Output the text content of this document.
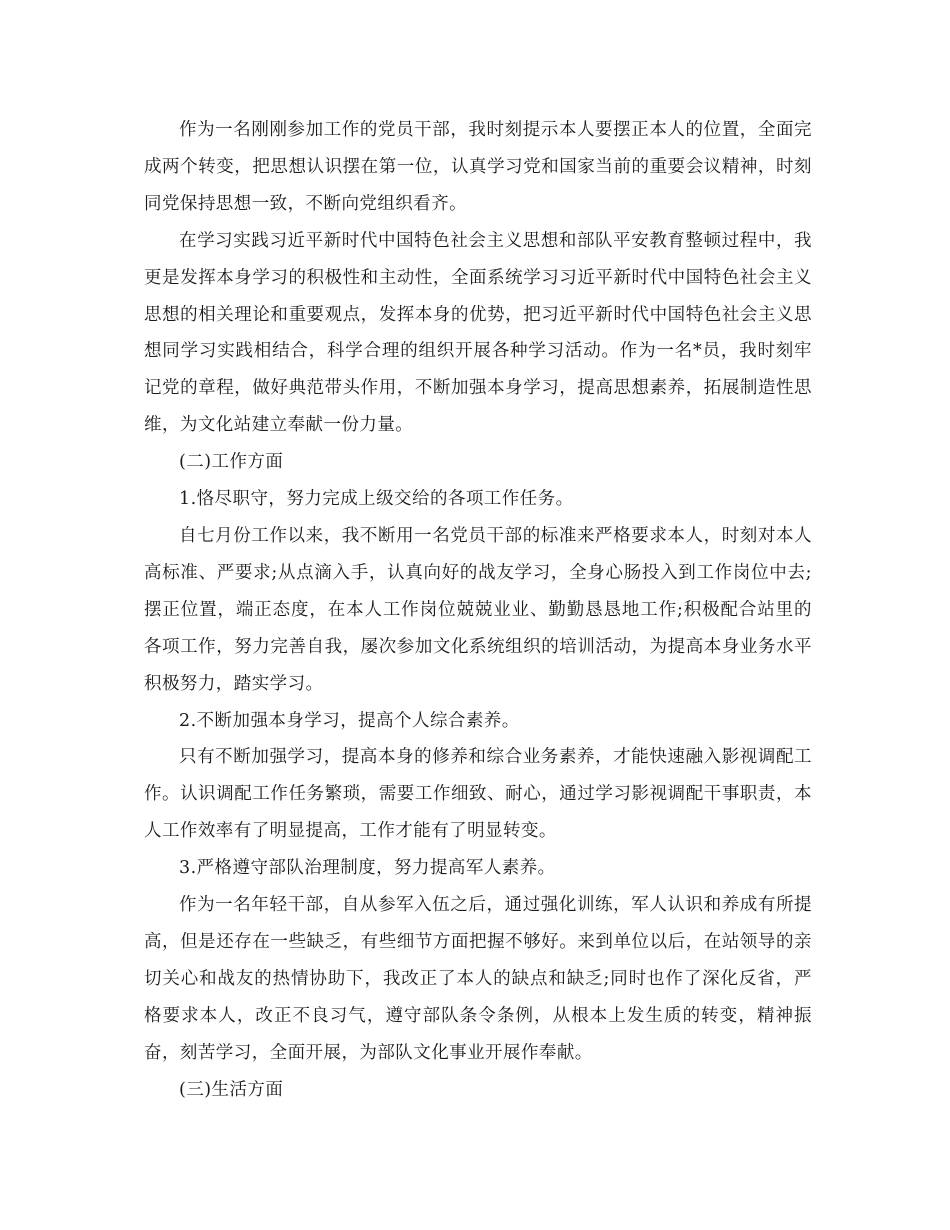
作为一名刚刚参加工作的党员干部，我时刻提示本人要摆正本人的位置，全面完成两个转变，把思想认识摆在第一位，认真学习党和国家当前的重要会议精神，时刻同党保持思想一致，不断向党组织看齐。

在学习实践习近平新时代中国特色社会主义思想和部队平安教育整顿过程中，我更是发挥本身学习的积极性和主动性，全面系统学习习近平新时代中国特色社会主义思想的相关理论和重要观点，发挥本身的优势，把习近平新时代中国特色社会主义思想同学习实践相结合，科学合理的组织开展各种学习活动。作为一名*员，我时刻牢记党的章程，做好典范带头作用，不断加强本身学习，提高思想素养，拓展制造性思维，为文化站建立奉献一份力量。

(二)工作方面

1.恪尽职守，努力完成上级交给的各项工作任务。

自七月份工作以来，我不断用一名党员干部的标准来严格要求本人，时刻对本人高标准、严要求;从点滴入手，认真向好的战友学习，全身心肠投入到工作岗位中去;摆正位置，端正态度，在本人工作岗位兢兢业业、勤勤恳恳地工作;积极配合站里的各项工作，努力完善自我，屡次参加文化系统组织的培训活动，为提高本身业务水平积极努力，踏实学习。

2.不断加强本身学习，提高个人综合素养。

只有不断加强学习，提高本身的修养和综合业务素养，才能快速融入影视调配工作。认识调配工作任务繁琐，需要工作细致、耐心，通过学习影视调配干事职责，本人工作效率有了明显提高，工作才能有了明显转变。

3.严格遵守部队治理制度，努力提高军人素养。

作为一名年轻干部，自从参军入伍之后，通过强化训练，军人认识和养成有所提高，但是还存在一些缺乏，有些细节方面把握不够好。来到单位以后，在站领导的亲切关心和战友的热情协助下，我改正了本人的缺点和缺乏;同时也作了深化反省，严格要求本人，改正不良习气，遵守部队条令条例，从根本上发生质的转变，精神振奋，刻苦学习，全面开展，为部队文化事业开展作奉献。

(三)生活方面
